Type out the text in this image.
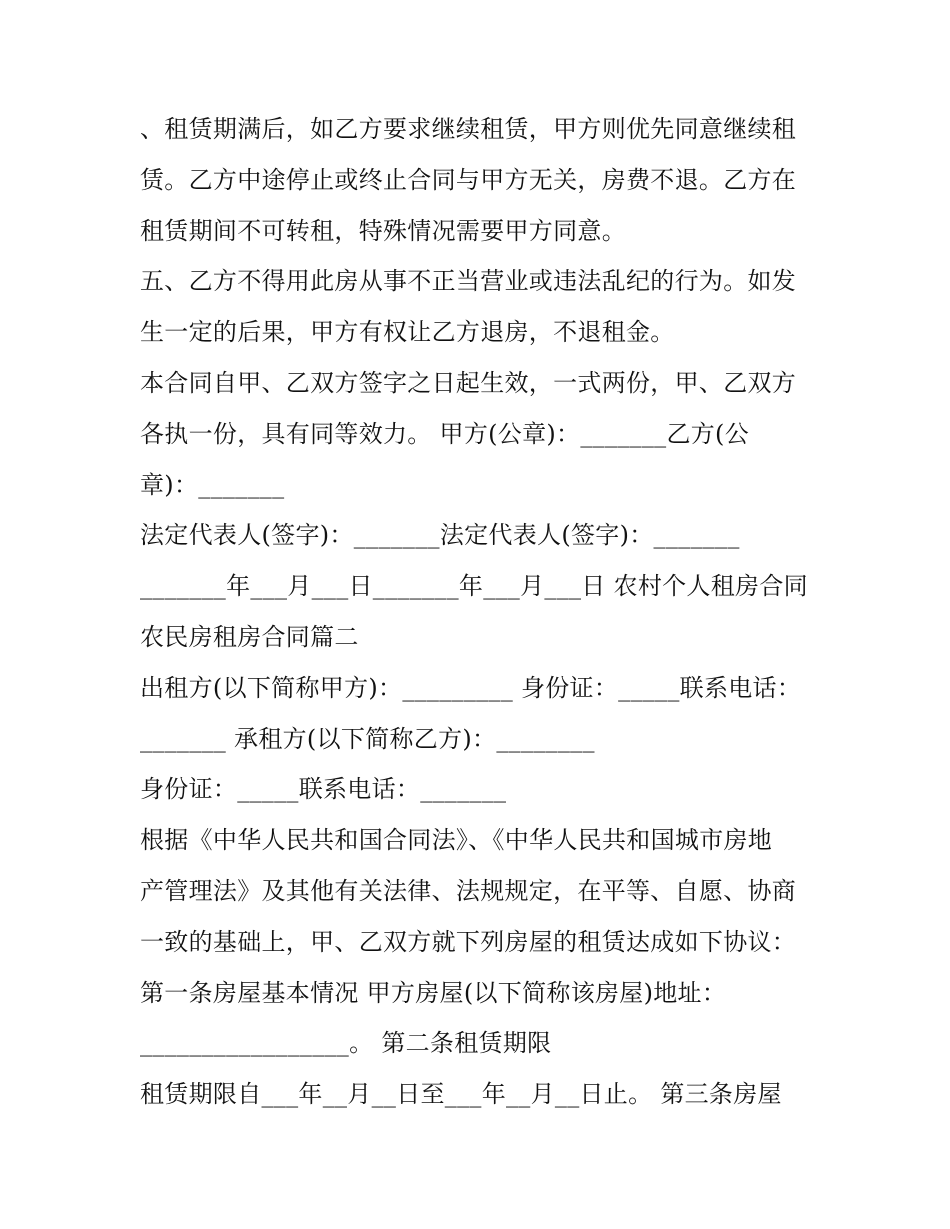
、租赁期满后，如乙方要求继续租赁，甲方则优先同意继续租
赁。乙方中途停止或终止合同与甲方无关，房费不退。乙方在
租赁期间不可转租，特殊情况需要甲方同意。
五、乙方不得用此房从事不正当营业或违法乱纪的行为。如发
生一定的后果，甲方有权让乙方退房，不退租金。
本合同自甲、乙双方签字之日起生效，一式两份，甲、乙双方
各执一份，具有同等效力。 甲方(公章)：_______乙方(公
章)：_______
法定代表人(签字)：_______法定代表人(签字)：_______
_______年___月___日_______年___月___日 农村个人租房合同
农民房租房合同篇二
出租方(以下简称甲方)：_________ 身份证：_____联系电话：
_______ 承租方(以下简称乙方)：________
身份证：_____联系电话：_______
根据《中华人民共和国合同法》、《中华人民共和国城市房地
产管理法》及其他有关法律、法规规定，在平等、自愿、协商
一致的基础上，甲、乙双方就下列房屋的租赁达成如下协议：
第一条房屋基本情况 甲方房屋(以下简称该房屋)地址：
_________________。 第二条租赁期限
租赁期限自___年__月__日至___年__月__日止。 第三条房屋
